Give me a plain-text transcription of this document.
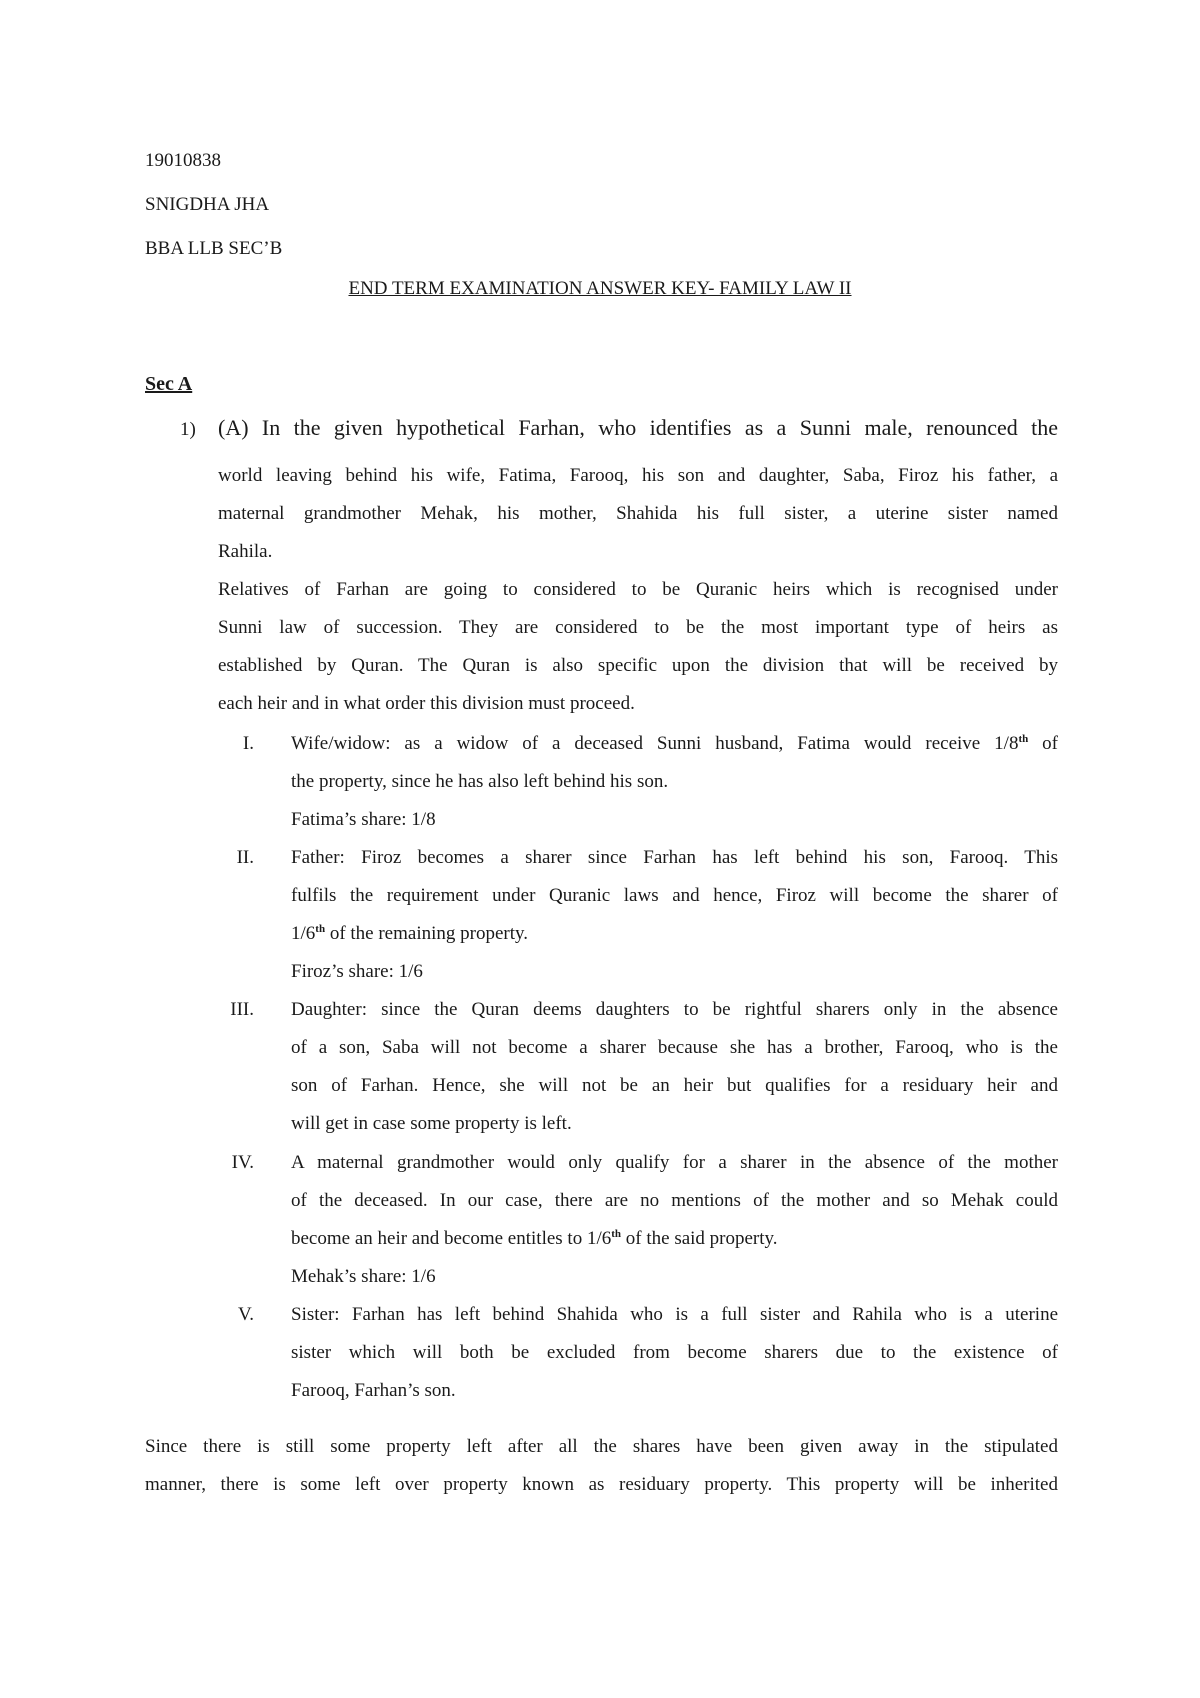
19010838
SNIGDHA JHA
BBA LLB SEC’B
END TERM EXAMINATION ANSWER KEY- FAMILY LAW II
Sec A
1) (A) In the given hypothetical Farhan, who identifies as a Sunni male, renounced the
world leaving behind his wife, Fatima, Farooq, his son and daughter, Saba, Firoz his father, a
maternal grandmother Mehak, his mother, Shahida his full sister, a uterine sister named
Rahila.
Relatives of Farhan are going to considered to be Quranic heirs which is recognised under
Sunni law of succession. They are considered to be the most important type of heirs as
established by Quran. The Quran is also specific upon the division that will be received by
each heir and in what order this division must proceed.
I. Wife/widow: as a widow of a deceased Sunni husband, Fatima would receive 1/8th of
the property, since he has also left behind his son.
Fatima’s share: 1/8
II. Father: Firoz becomes a sharer since Farhan has left behind his son, Farooq. This
fulfils the requirement under Quranic laws and hence, Firoz will become the sharer of
1/6th of the remaining property.
Firoz’s share: 1/6
III. Daughter: since the Quran deems daughters to be rightful sharers only in the absence
of a son, Saba will not become a sharer because she has a brother, Farooq, who is the
son of Farhan. Hence, she will not be an heir but qualifies for a residuary heir and
will get in case some property is left.
IV. A maternal grandmother would only qualify for a sharer in the absence of the mother
of the deceased. In our case, there are no mentions of the mother and so Mehak could
become an heir and become entitles to 1/6th of the said property.
Mehak’s share: 1/6
V. Sister: Farhan has left behind Shahida who is a full sister and Rahila who is a uterine
sister which will both be excluded from become sharers due to the existence of
Farooq, Farhan’s son.
Since there is still some property left after all the shares have been given away in the stipulated
manner, there is some left over property known as residuary property. This property will be inherited
